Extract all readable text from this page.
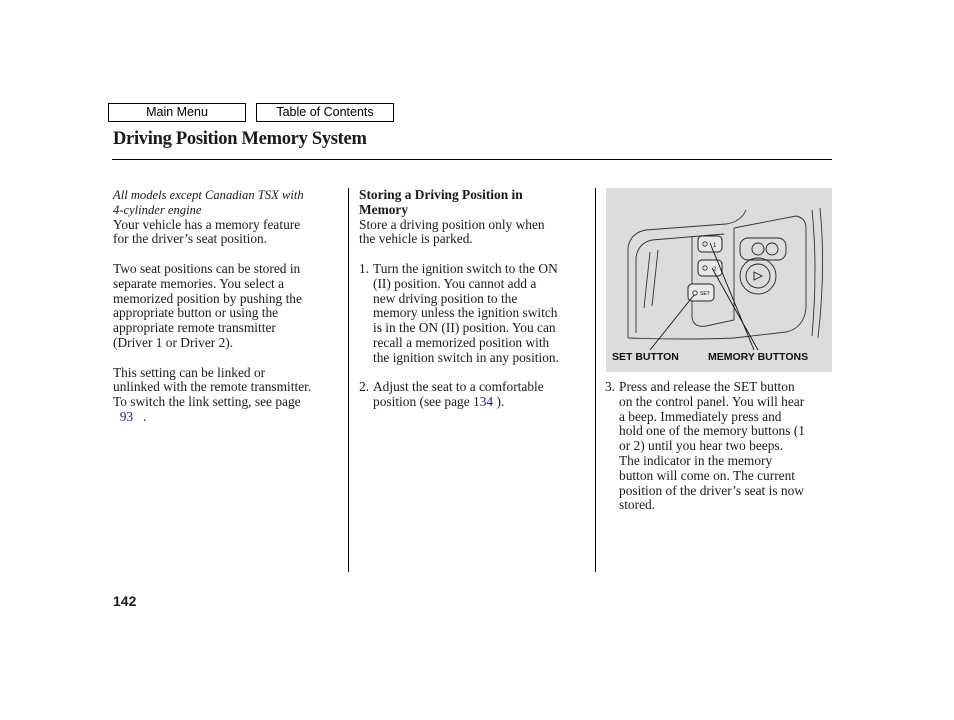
Main Menu	Table of Contents
Driving Position Memory System

All models except Canadian TSX with
4-cylinder engine

Your vehicle has a memory feature
for the driver’s seat position.

Two seat positions can be stored in
separate memories. You select a
memorized position by pushing the
appropriate button or using the
appropriate remote transmitter
(Driver 1 or Driver 2).

This setting can be linked or
unlinked with the remote transmitter.
To switch the link setting, see page
93 .

Storing a Driving Position in
Memory

Store a driving position only when
the vehicle is parked.

1. Turn the ignition switch to the ON
(II) position. You cannot add a
new driving position to the
memory unless the ignition switch
is in the ON (II) position. You can
recall a memorized position with
the ignition switch in any position.

2. Adjust the seat to a comfortable
position (see page 134 ).

1
2
SET
SET BUTTON	MEMORY BUTTONS
3. Press and release the SET button
on the control panel. You will hear
a beep. Immediately press and
hold one of the memory buttons (1
or 2) until you hear two beeps.
The indicator in the memory
button will come on. The current
position of the driver’s seat is now
stored.

142
